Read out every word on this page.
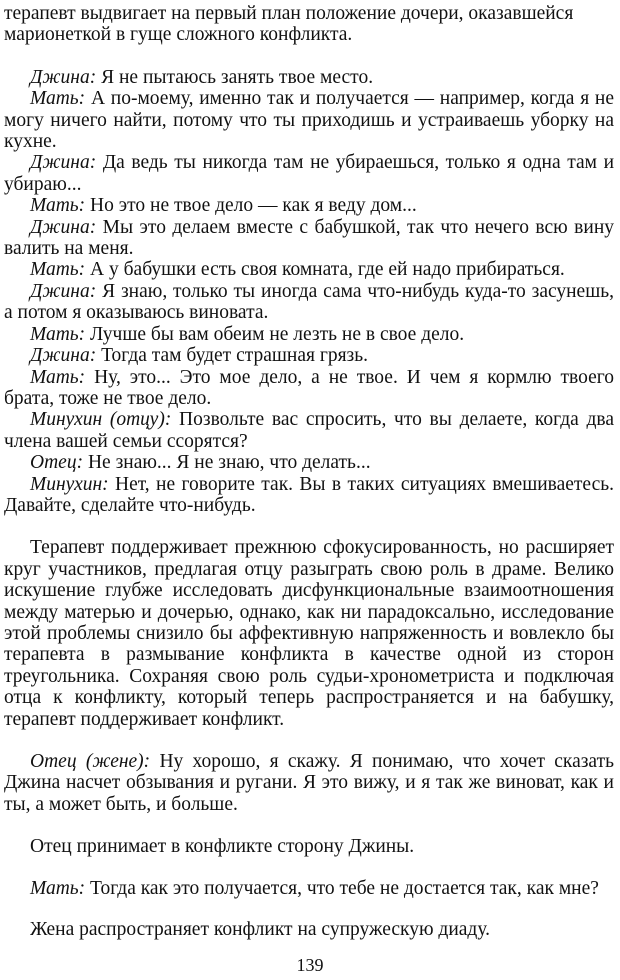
терапевт выдвигает на первый план положение дочери, оказавшейся

марионеткой в гуще сложного конфликта.

Джина: Я не пытаюсь занять твое место.

Мать: А по-моему, именно так и получается — например, когда я не могу ничего найти, потому что ты приходишь и устраиваешь уборку на кухне.

Джина: Да ведь ты никогда там не убираешься, только я одна там и убираю...

Мать: Но это не твое дело — как я веду дом...

Джина: Мы это делаем вместе с бабушкой, так что нечего всю вину валить на меня.

Мать: А у бабушки есть своя комната, где ей надо прибираться.

Джина: Я знаю, только ты иногда сама что-нибудь куда-то засунешь, а потом я оказываюсь виновата.

Мать: Лучше бы вам обеим не лезть не в свое дело.

Джина: Тогда там будет страшная грязь.

Мать: Ну, это... Это мое дело, а не твое. И чем я кормлю твоего брата, тоже не твое дело.

Минухин (отцу): Позвольте вас спросить, что вы делаете, когда два члена вашей семьи ссорятся?

Отец: Не знаю... Я не знаю, что делать...

Минухин: Нет, не говорите так. Вы в таких ситуациях вмешиваетесь. Давайте, сделайте что-нибудь.

Терапевт поддерживает прежнюю сфокусированность, но расширяет круг участников, предлагая отцу разыграть свою роль в драме. Велико искушение глубже исследовать дисфункциональные взаимоотношения между матерью и дочерью, однако, как ни парадоксально, исследование этой проблемы снизило бы аффективную напряженность и вовлекло бы терапевта в размывание конфликта в качестве одной из сторон треугольника. Сохраняя свою роль судьи-хронометриста и подключая отца к конфликту, который теперь распространяется и на бабушку, терапевт поддерживает конфликт.

Отец (жене): Ну хорошо, я скажу. Я понимаю, что хочет сказать Джина насчет обзывания и ругани. Я это вижу, и я так же виноват, как и ты, а может быть, и больше.

Отец принимает в конфликте сторону Джины.

Мать: Тогда как это получается, что тебе не достается так, как мне?

Жена распространяет конфликт на супружескую диаду.

139
